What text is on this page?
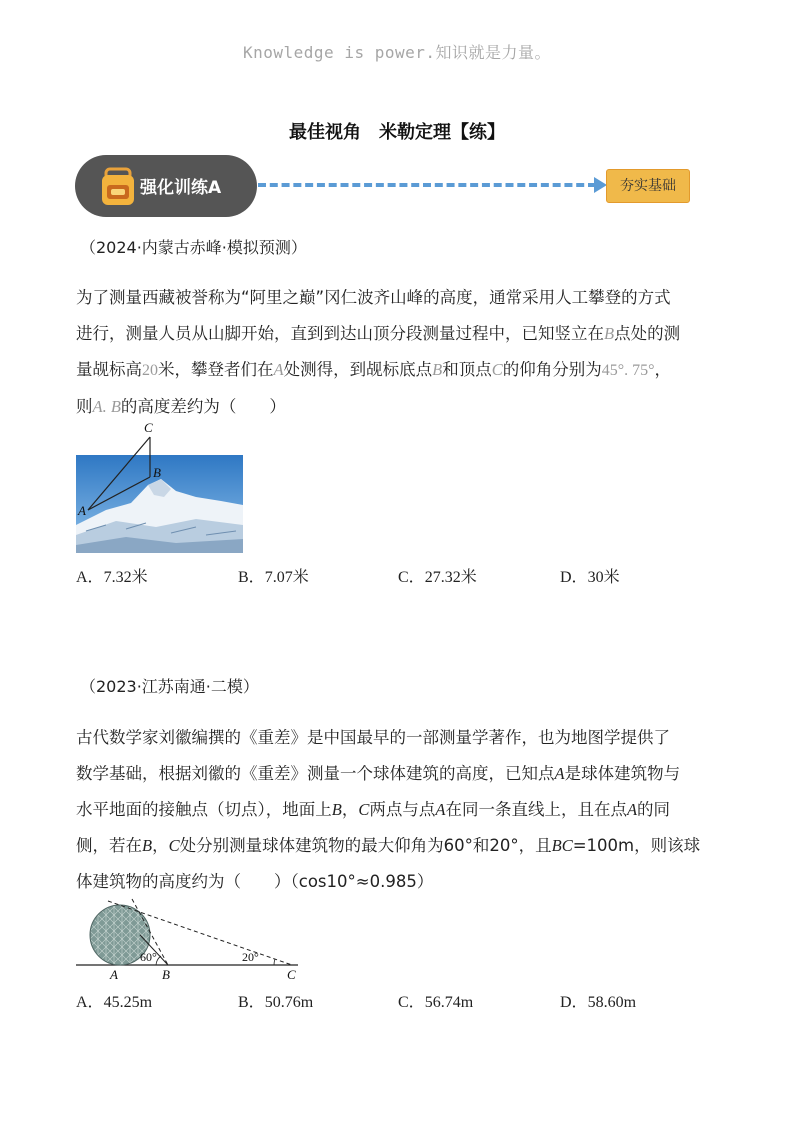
Knowledge is power.知识就是力量。
最佳视角　米勒定理【练】
强化训练A	夯实基础
（2024·内蒙古赤峰·模拟预测）
为了测量西藏被誉称为“阿里之巅”冈仁波齐山峰的高度，通常采用人工攀登的方式
进行，测量人员从山脚开始，直到到达山顶分段测量过程中，已知竖立在B点处的测
量觇标高20米，攀登者们在A处测得，到觇标底点B和顶点C的仰角分别为45°. 75°，
则A. B的高度差约为（　　）
A
B
C
A．7.32米	B．7.07米	C．27.32米	D．30米
（2023·江苏南通·二模）
古代数学家刘徽编撰的《重差》是中国最早的一部测量学著作，也为地图学提供了
数学基础，根据刘徽的《重差》测量一个球体建筑的高度，已知点A是球体建筑物与
水平地面的接触点（切点），地面上B，C两点与点A在同一条直线上，且在点A的同
侧，若在B，C处分别测量球体建筑物的最大仰角为60°和20°，且BC=100m，则该球
体建筑物的高度约为（　　）（cos10°≈0.985）
60°	20°
A	B	C
A．45.25m	B．50.76m	C．56.74m	D．58.60m
